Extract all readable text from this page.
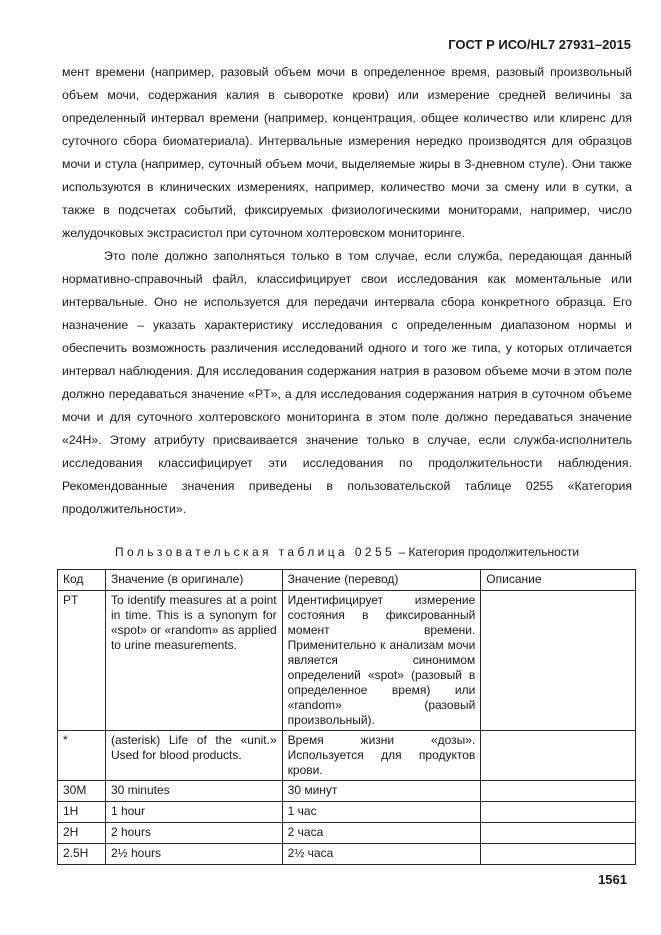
ГОСТ Р ИСО/HL7 27931–2015

мент времени (например, разовый объем мочи в определенное время, разовый произвольный объем мочи, содержания калия в сыворотке крови) или измерение средней величины за определенный интервал времени (например, концентрация, общее количество или клиренс для суточного сбора биоматериала). Интервальные измерения нередко производятся для образцов мочи и стула (например, суточный объем мочи, выделяемые жиры в 3-дневном стуле). Они также используются в клинических измерениях, например, количество мочи за смену или в сутки, а также в подсчетах событий, фиксируемых физиологическими мониторами, например, число желудочковых экстрасистол при суточном холтеровском мониторинге.

Это поле должно заполняться только в том случае, если служба, передающая данный нормативно-справочный файл, классифицирует свои исследования как моментальные или интервальные. Оно не используется для передачи интервала сбора конкретного образца. Его назначение – указать характеристику исследования с определенным диапазоном нормы и обеспечить возможность различения исследований одного и того же типа, у которых отличается интервал наблюдения. Для исследования содержания натрия в разовом объеме мочи в этом поле должно передаваться значение «PT», а для исследования содержания натрия в суточном объеме мочи и для суточного холтеровского мониторинга в этом поле должно передаваться значение «24H». Этому атрибуту присваивается значение только в случае, если служба-исполнитель исследования классифицирует эти исследования по продолжительности наблюдения. Рекомендованные значения приведены в пользовательской таблице 0255 «Категория продолжительности».

Пользовательская таблица 0255 – Категория продолжительности
Код	Значение (в оригинале)	Значение (перевод)	Описание
PT	To identify measures at a point in time. This is a synonym for «spot» or «random» as applied to urine measurements.	Идентифицирует измерение состояния в фиксированный момент времени. Применительно к анализам мочи является синонимом определений «spot» (разовый в определенное время) или «random» (разовый произвольный).	
*	(asterisk) Life of the «unit.» Used for blood products.	Время жизни «дозы». Используется для продуктов крови.	
30M	30 minutes	30 минут	
1H	1 hour	1 час	
2H	2 hours	2 часа	
2.5H	2½ hours	2½ часа	
1561
